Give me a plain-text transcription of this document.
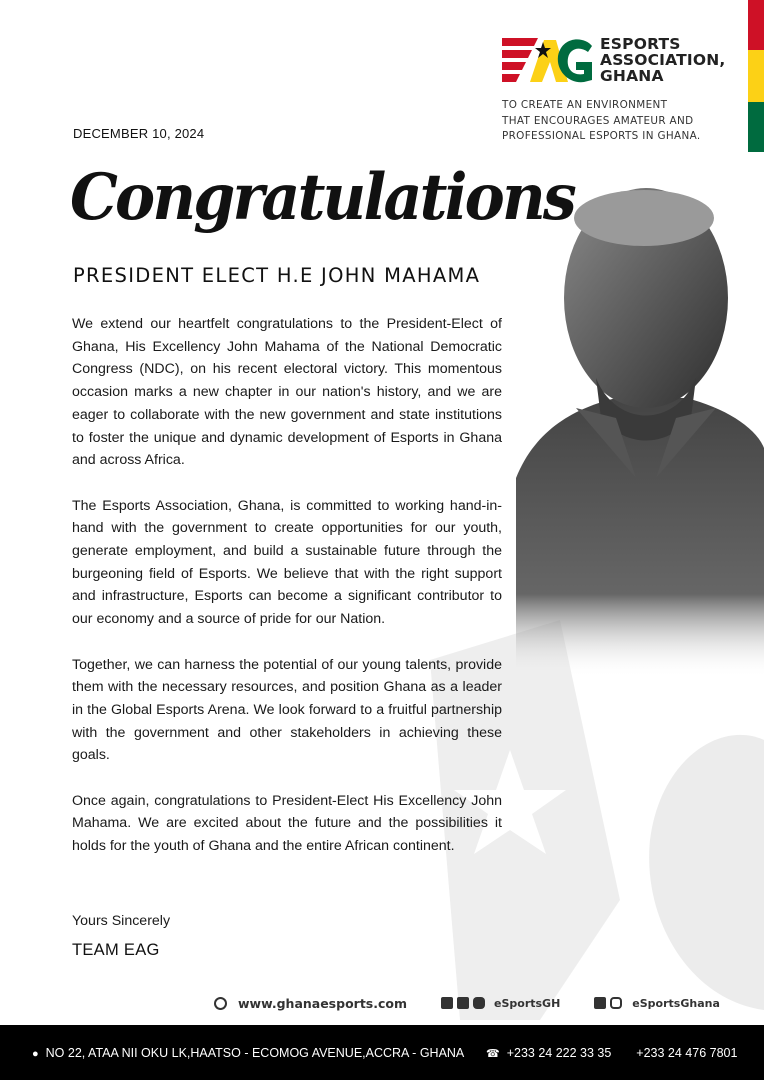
ESPORTS
ASSOCIATION,
GHANA
TO CREATE AN ENVIRONMENT
THAT ENCOURAGES AMATEUR AND
PROFESSIONAL ESPORTS IN GHANA.
DECEMBER 10, 2024
Congratulations
PRESIDENT ELECT H.E JOHN MAHAMA

We extend our heartfelt congratulations to the President-Elect of Ghana, His Excellency John Mahama of the National Democratic Congress (NDC), on his recent electoral victory. This momentous occasion marks a new chapter in our nation's history, and we are eager to collaborate with the new government and state institutions to foster the unique and dynamic development of Esports in Ghana and across Africa.

The Esports Association, Ghana, is committed to working hand-in-hand with the government to create opportunities for our youth, generate employment, and build a sustainable future through the burgeoning field of Esports. We believe that with the right support and infrastructure, Esports can become a significant contributor to our economy and a source of pride for our Nation.

Together, we can harness the potential of our young talents, provide them with the necessary resources, and position Ghana as a leader in the Global Esports Arena. We look forward to a fruitful partnership with the government and other stakeholders in achieving these goals.

Once again, congratulations to President-Elect His Excellency John Mahama. We are excited about the future and the possibilities it holds for the youth of Ghana and the entire African continent.

Yours Sincerely
TEAM EAG
www.ghanaesports.com	eSportsGH	eSportsGhana
● NO 22, ATAA NII OKU LK,HAATSO - ECOMOG AVENUE,ACCRA - GHANA ☎ +233 24 222 33 35 +233 24 476 7801
